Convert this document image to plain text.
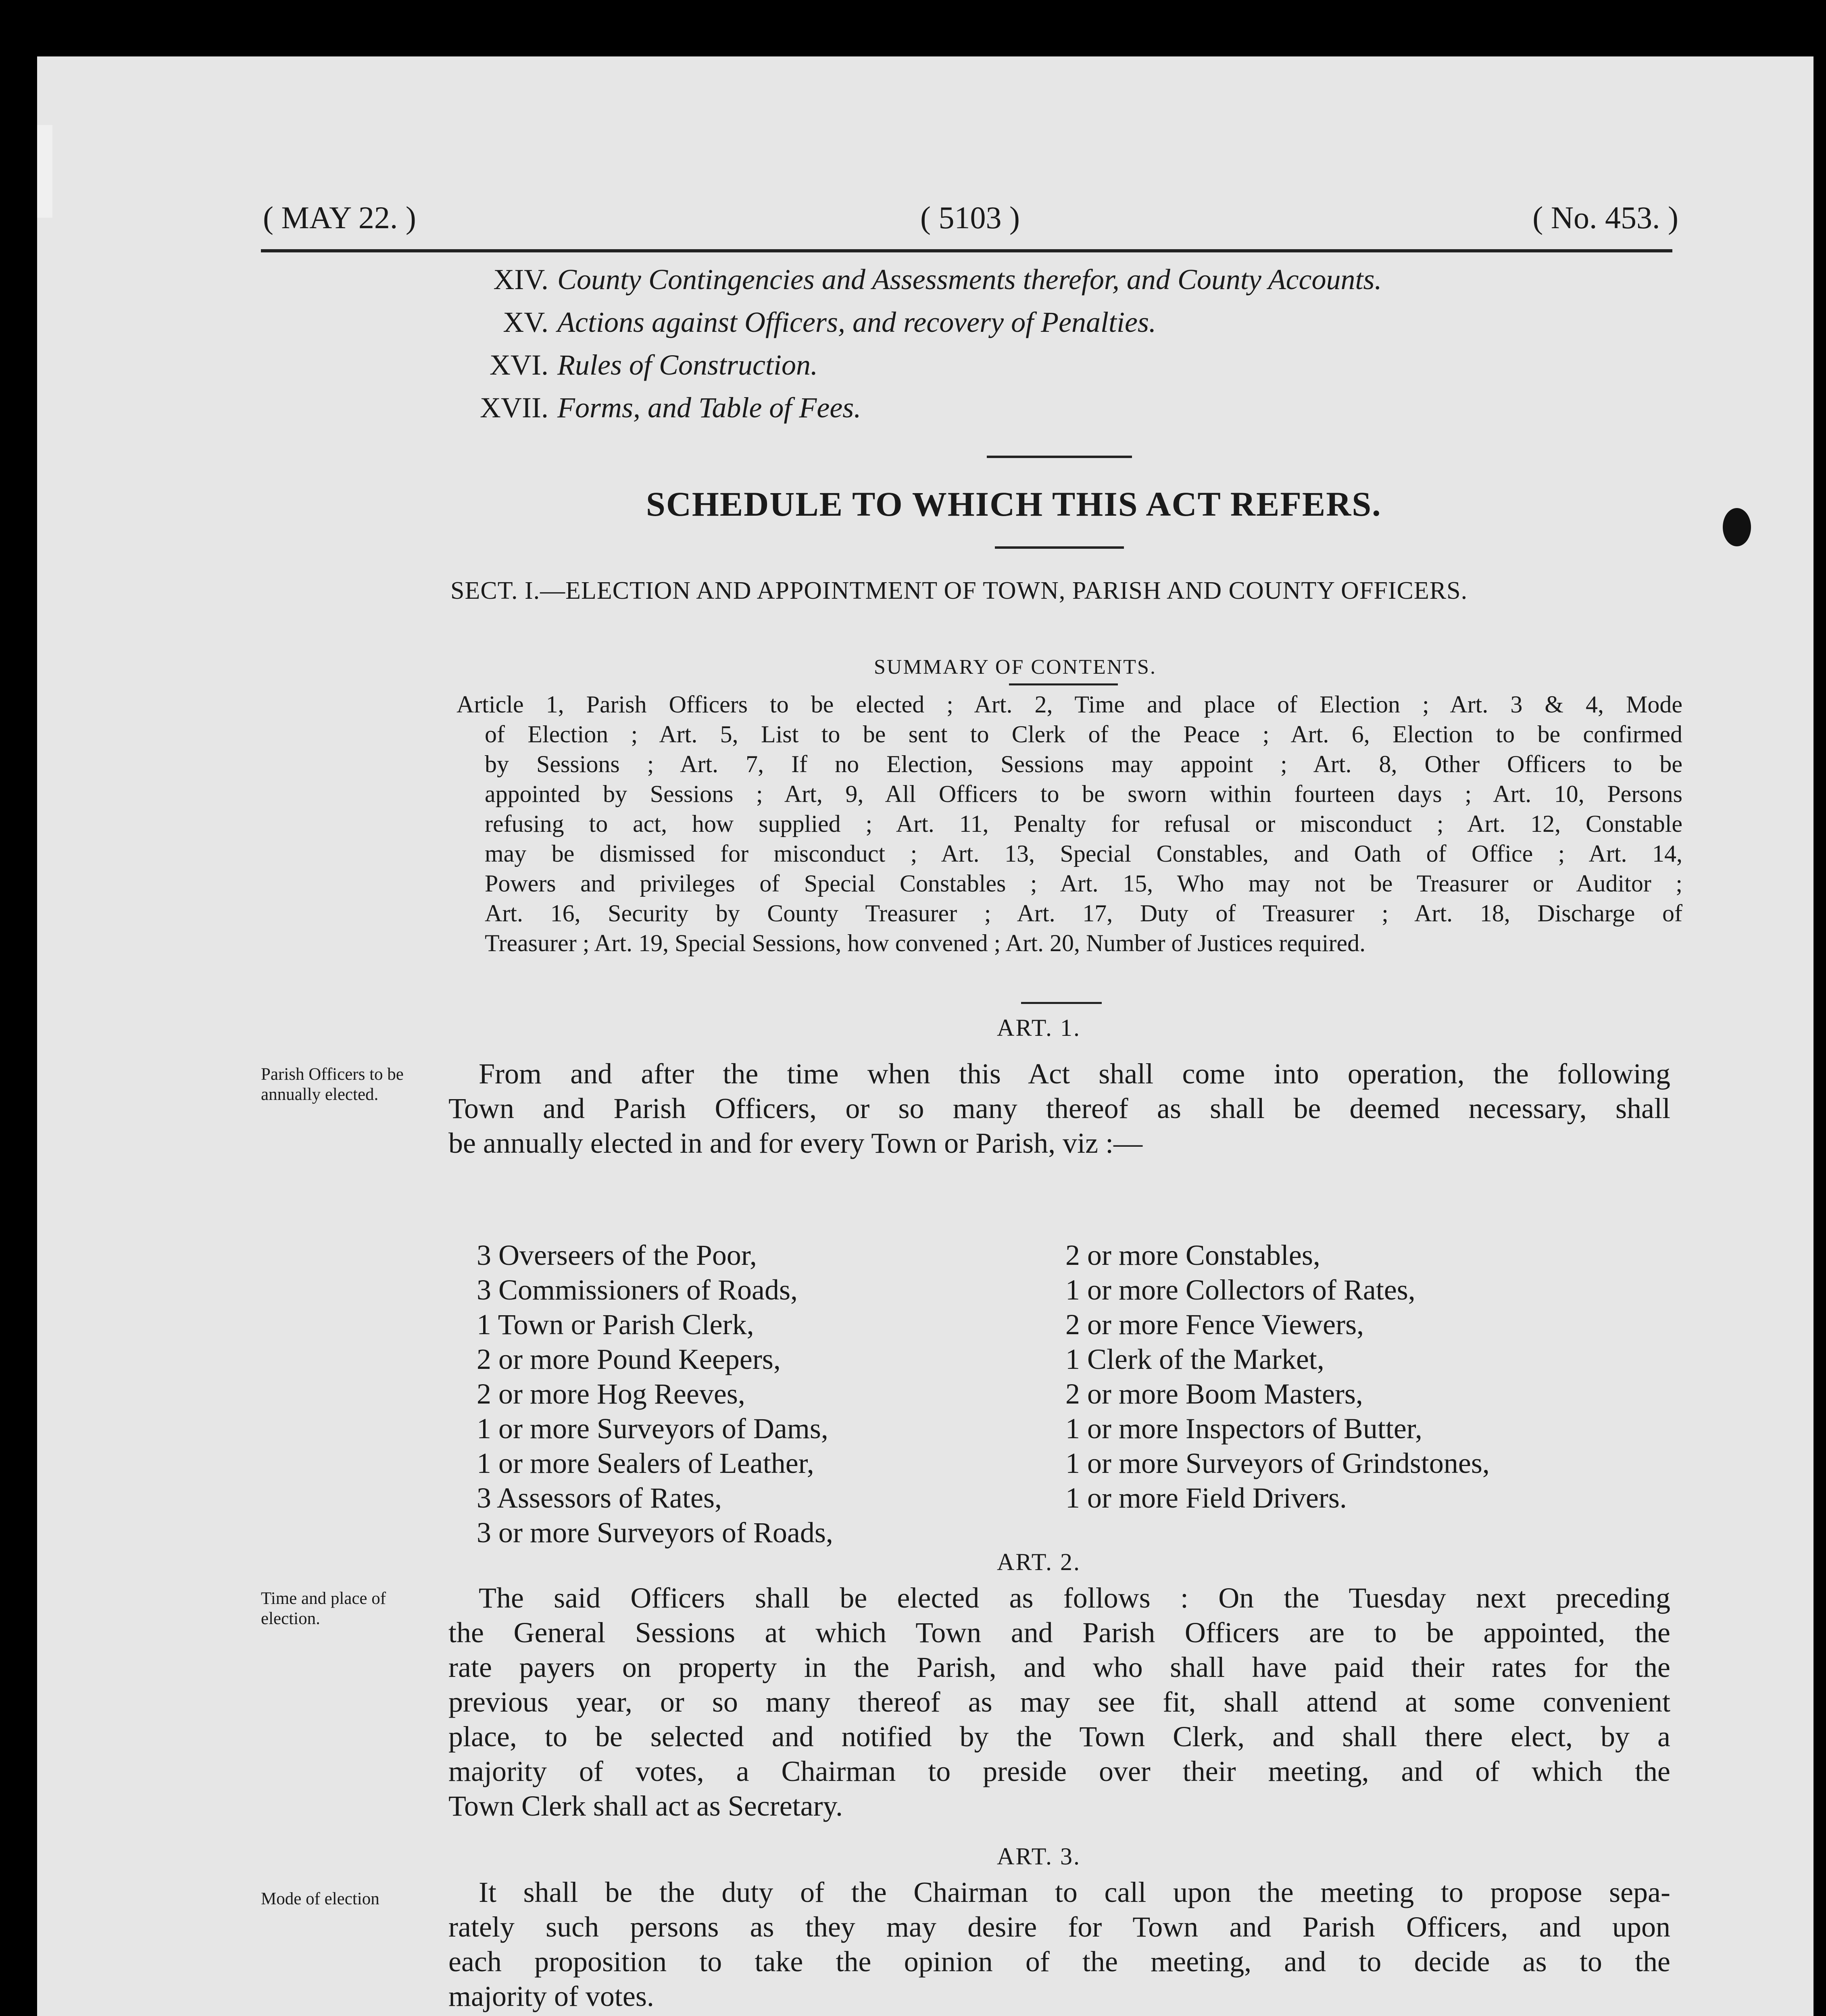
( MAY 22. )	( 5103 )	( No. 453. )
XIV. County Contingencies and Assessments therefor, and County Accounts.
XV. Actions against Officers, and recovery of Penalties.
XVI. Rules of Construction.
XVII. Forms, and Table of Fees.
SCHEDULE TO WHICH THIS ACT REFERS.
SECT. I.—ELECTION AND APPOINTMENT OF TOWN, PARISH AND COUNTY OFFICERS.
SUMMARY OF CONTENTS.
Article 1, Parish Officers to be elected ; Art. 2, Time and place of Election ; Art. 3 & 4, Mode
of Election ; Art. 5, List to be sent to Clerk of the Peace ; Art. 6, Election to be confirmed
by Sessions ; Art. 7, If no Election, Sessions may appoint ; Art. 8, Other Officers to be
appointed by Sessions ; Art, 9, All Officers to be sworn within fourteen days ; Art. 10, Persons
refusing to act, how supplied ; Art. 11, Penalty for refusal or misconduct ; Art. 12, Constable
may be dismissed for misconduct ; Art. 13, Special Constables, and Oath of Office ; Art. 14,
Powers and privileges of Special Constables ; Art. 15, Who may not be Treasurer or Auditor ;
Art. 16, Security by County Treasurer ; Art. 17, Duty of Treasurer ; Art. 18, Discharge of
Treasurer ; Art. 19, Special Sessions, how convened ; Art. 20, Number of Justices required.
ART. 1.
Parish Officers to be
annually elected.
From and after the time when this Act shall come into operation, the following
Town and Parish Officers, or so many thereof as shall be deemed necessary, shall
be annually elected in and for every Town or Parish, viz :—
3 Overseers of the Poor,
3 Commissioners of Roads,
1 Town or Parish Clerk,
2 or more Pound Keepers,
2 or more Hog Reeves,
1 or more Surveyors of Dams,
1 or more Sealers of Leather,
3 Assessors of Rates,
3 or more Surveyors of Roads,
2 or more Constables,
1 or more Collectors of Rates,
2 or more Fence Viewers,
1 Clerk of the Market,
2 or more Boom Masters,
1 or more Inspectors of Butter,
1 or more Surveyors of Grindstones,
1 or more Field Drivers.
ART. 2.
Time and place of
election.
The said Officers shall be elected as follows : On the Tuesday next preceding
the General Sessions at which Town and Parish Officers are to be appointed, the
rate payers on property in the Parish, and who shall have paid their rates for the
previous year, or so many thereof as may see fit, shall attend at some convenient
place, to be selected and notified by the Town Clerk, and shall there elect, by a
majority of votes, a Chairman to preside over their meeting, and of which the
Town Clerk shall act as Secretary.
ART. 3.
Mode of election	It shall be the duty of the Chairman to call upon the meeting to propose sepa-
rately such persons as they may desire for Town and Parish Officers, and upon
each proposition to take the opinion of the meeting, and to decide as to the
majority of votes.
